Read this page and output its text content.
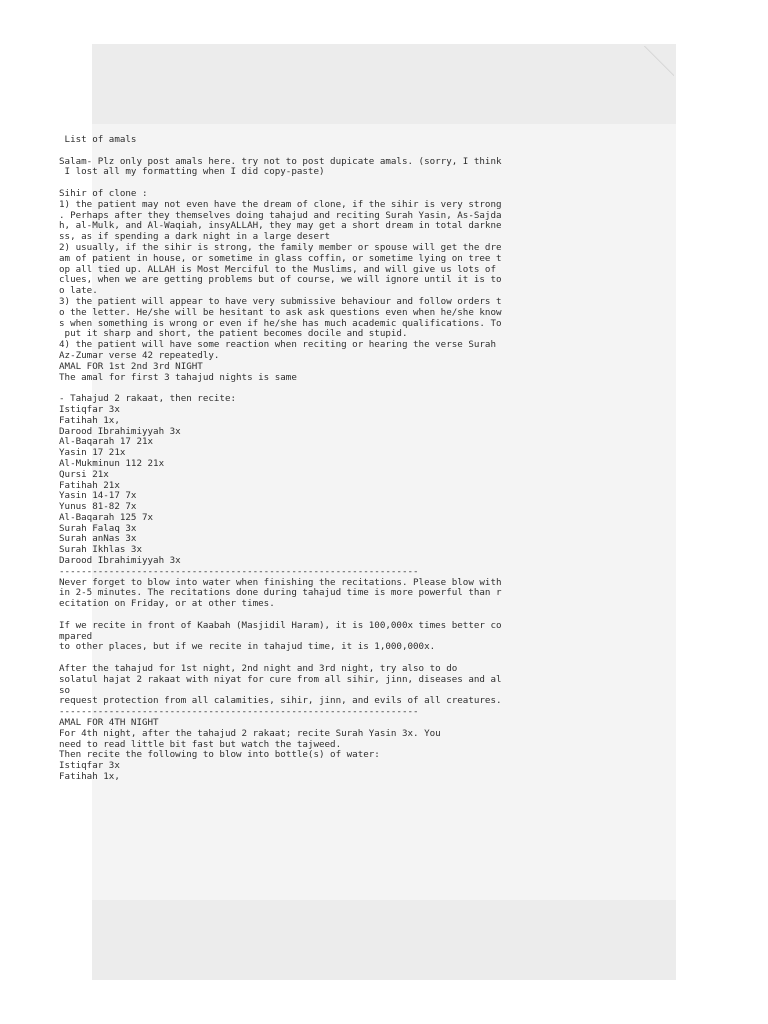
List of amals

Salam- Plz only post amals here. try not to post dupicate amals. (sorry, I think
I lost all my formatting when I did copy-paste)

Sihir of clone :
1) the patient may not even have the dream of clone, if the sihir is very strong
. Perhaps after they themselves doing tahajud and reciting Surah Yasin, As-Sajda
h, al-Mulk, and Al-Waqiah, insyALLAH, they may get a short dream in total darkne
ss, as if spending a dark night in a large desert
2) usually, if the sihir is strong, the family member or spouse will get the dre
am of patient in house, or sometime in glass coffin, or sometime lying on tree t
op all tied up. ALLAH is Most Merciful to the Muslims, and will give us lots of
clues, when we are getting problems but of course, we will ignore until it is to
o late.
3) the patient will appear to have very submissive behaviour and follow orders t
o the letter. He/she will be hesitant to ask ask questions even when he/she know
s when something is wrong or even if he/she has much academic qualifications. To
put it sharp and short, the patient becomes docile and stupid.
4) the patient will have some reaction when reciting or hearing the verse Surah
Az-Zumar verse 42 repeatedly.
AMAL FOR 1st 2nd 3rd NIGHT
The amal for first 3 tahajud nights is same

- Tahajud 2 rakaat, then recite:
Istiqfar 3x
Fatihah 1x,
Darood Ibrahimiyyah 3x
Al-Baqarah 17 21x
Yasin 17 21x
Al-Mukminun 112 21x
Qursi 21x
Fatihah 21x
Yasin 14-17 7x
Yunus 81-82 7x
Al-Baqarah 125 7x
Surah Falaq 3x
Surah anNas 3x
Surah Ikhlas 3x
Darood Ibrahimiyyah 3x
-----------------------------------------------------------------
Never forget to blow into water when finishing the recitations. Please blow with
in 2-5 minutes. The recitations done during tahajud time is more powerful than r
ecitation on Friday, or at other times.

If we recite in front of Kaabah (Masjidil Haram), it is 100,000x times better co
mpared
to other places, but if we recite in tahajud time, it is 1,000,000x.

After the tahajud for 1st night, 2nd night and 3rd night, try also to do
solatul hajat 2 rakaat with niyat for cure from all sihir, jinn, diseases and al
so
request protection from all calamities, sihir, jinn, and evils of all creatures.
-----------------------------------------------------------------
AMAL FOR 4TH NIGHT
For 4th night, after the tahajud 2 rakaat; recite Surah Yasin 3x. You
need to read little bit fast but watch the tajweed.
Then recite the following to blow into bottle(s) of water:
Istiqfar 3x
Fatihah 1x,
